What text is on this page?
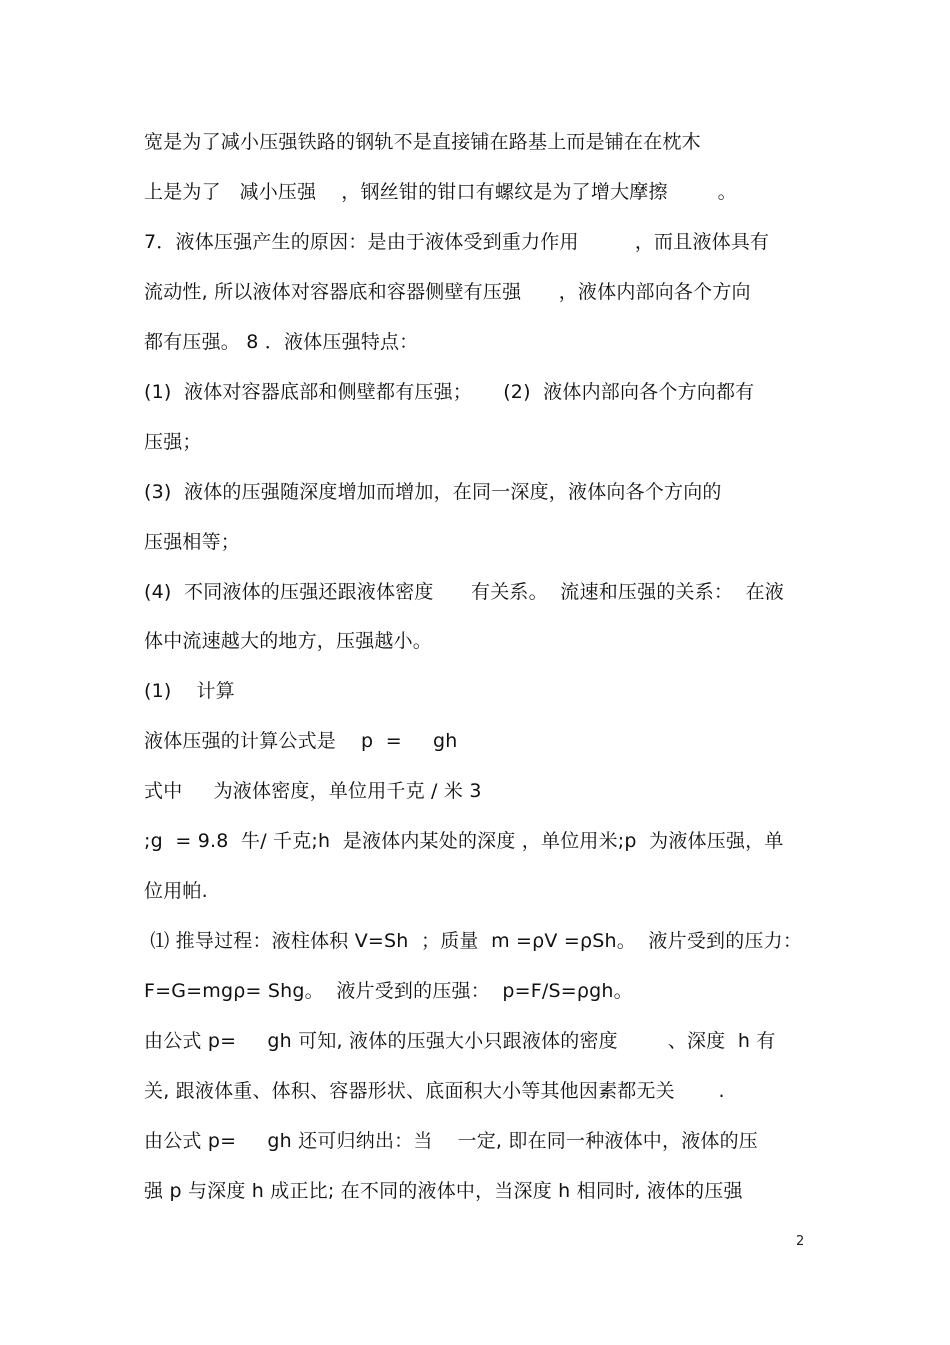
宽是为了减小压强铁路的钢轨不是直接铺在路基上而是铺在在枕木
上是为了   减小压强    ，钢丝钳的钳口有螺纹是为了增大摩擦        。
7．液体压强产生的原因：是由于液体受到重力作用         ，而且液体具有
流动性, 所以液体对容器底和容器侧壁有压强      ，液体内部向各个方向
都有压强。 8 ．液体压强特点：
(1)  液体对容器底部和侧壁都有压强；     (2)  液体内部向各个方向都有
压强；
(3)  液体的压强随深度增加而增加，在同一深度，液体向各个方向的
压强相等；
(4)  不同液体的压强还跟液体密度      有关系。  流速和压强的关系：  在液
体中流速越大的地方，压强越小。
(1)    计算
液体压强的计算公式是    p  =     gh
式中     为液体密度，单位用千克 / 米 3
;g  = 9.8  牛/ 千克;h  是液体内某处的深度 ，单位用米;p  为液体压强，单
位用帕.
⑴ 推导过程：液柱体积 V=Sh  ；质量  m =ρV =ρSh。  液片受到的压力：
F=G=mgρ= Shg。  液片受到的压强：  p=F/S=ρgh。
由公式 p=     gh 可知, 液体的压强大小只跟液体的密度        、深度  h 有
关, 跟液体重、体积、容器形状、底面积大小等其他因素都无关       .
由公式 p=     gh 还可归纳出：当    一定, 即在同一种液体中，液体的压
强 p 与深度 h 成正比; 在不同的液体中，当深度 h 相同时, 液体的压强
2
